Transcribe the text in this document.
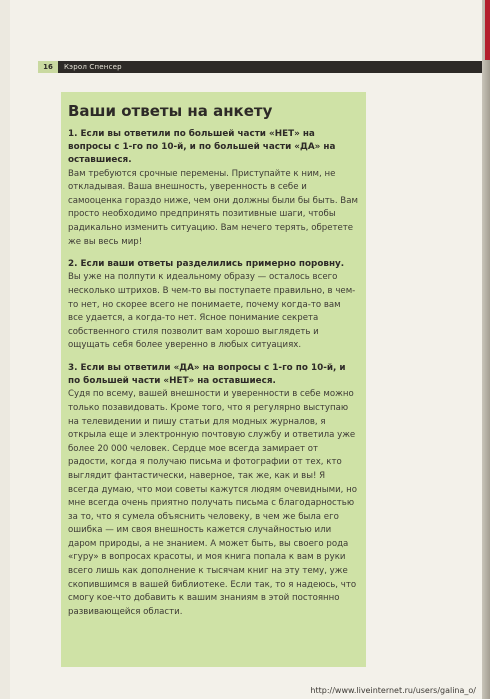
16	Кэрол Спенсер
Ваши ответы на анкету

1. Если вы ответили по большей части «НЕТ» на вопросы с 1-го по 10-й, и по большей части «ДА» на оставшиеся.

Вам требуются срочные перемены. Приступайте к ним, не откладывая. Ваша внешность, уверенность в себе и самооценка гораздо ниже, чем они должны были бы быть. Вам просто необходимо предпринять позитивные шаги, чтобы радикально изменить ситуацию. Вам нечего терять, обретете же вы весь мир!

2. Если ваши ответы разделились примерно поровну.

Вы уже на полпути к идеальному образу — осталось всего несколько штрихов. В чем-то вы поступаете правильно, в чем-то нет, но скорее всего не понимаете, почему когда-то вам все удается, а когда-то нет. Ясное понимание секрета собственного стиля позволит вам хорошо выглядеть и ощущать себя более уверенно в любых ситуациях.

3. Если вы ответили «ДА» на вопросы с 1-го по 10-й, и по большей части «НЕТ» на оставшиеся.

Судя по всему, вашей внешности и уверенности в себе можно только позавидовать. Кроме того, что я регулярно выступаю на телевидении и пишу статьи для модных журналов, я открыла еще и электронную почтовую службу и ответила уже более 20 000 человек. Сердце мое всегда замирает от радости, когда я получаю письма и фотографии от тех, кто выглядит фантастически, наверное, так же, как и вы! Я всегда думаю, что мои советы кажутся людям очевидными, но мне всегда очень приятно получать письма с благодарностью за то, что я сумела объяснить человеку, в чем же была его ошибка — им своя внешность кажется случайностью или даром природы, а не знанием. А может быть, вы своего рода «гуру» в вопросах красоты, и моя книга попала к вам в руки всего лишь как дополнение к тысячам книг на эту тему, уже скопившимся в вашей библиотеке. Если так, то я надеюсь, что смогу кое-что добавить к вашим знаниям в этой постоянно развивающейся области.

http://www.liveinternet.ru/users/galina_o/
